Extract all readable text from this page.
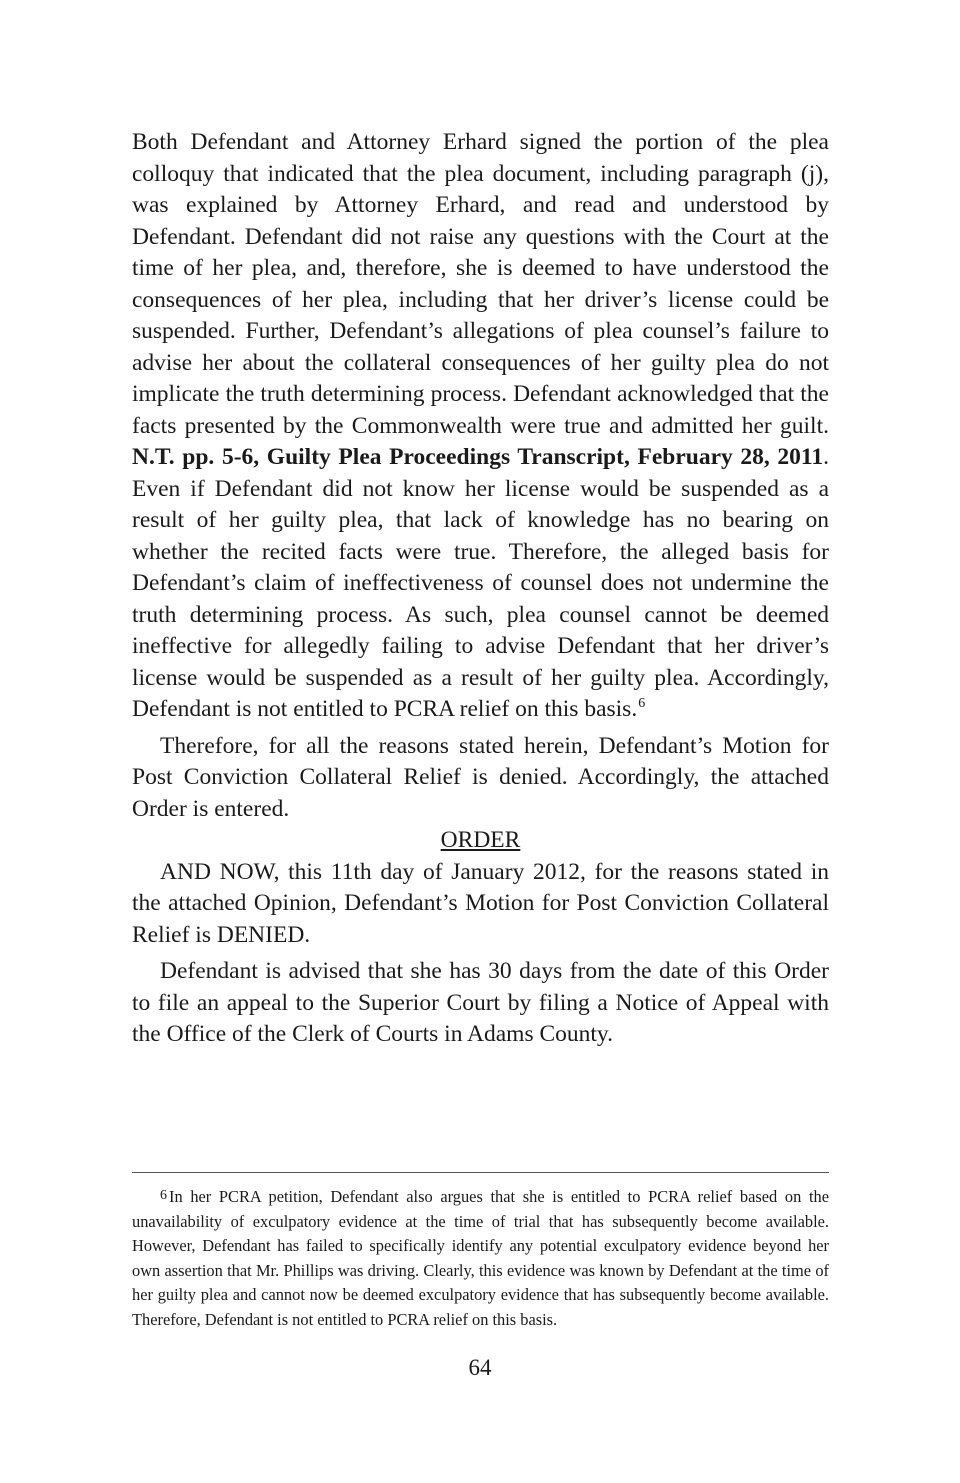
Both Defendant and Attorney Erhard signed the portion of the plea colloquy that indicated that the plea document, including paragraph (j), was explained by Attorney Erhard, and read and understood by Defendant. Defendant did not raise any questions with the Court at the time of her plea, and, therefore, she is deemed to have understood the consequences of her plea, including that her driver’s license could be suspended. Further, Defendant’s allegations of plea counsel’s failure to advise her about the collateral consequences of her guilty plea do not implicate the truth determining process. Defendant acknowledged that the facts presented by the Commonwealth were true and admitted her guilt. N.T. pp. 5-6, Guilty Plea Proceedings Transcript, February 28, 2011. Even if Defendant did not know her license would be suspended as a result of her guilty plea, that lack of knowledge has no bearing on whether the recited facts were true. Therefore, the alleged basis for Defendant’s claim of ineffectiveness of counsel does not undermine the truth determining process. As such, plea counsel cannot be deemed ineffective for allegedly failing to advise Defendant that her driver’s license would be suspended as a result of her guilty plea. Accordingly, Defendant is not entitled to PCRA relief on this basis.$^6$

Therefore, for all the reasons stated herein, Defendant’s Motion for Post Conviction Collateral Relief is denied. Accordingly, the attached Order is entered.

ORDER

AND NOW, this 11th day of January 2012, for the reasons stated in the attached Opinion, Defendant’s Motion for Post Conviction Collateral Relief is DENIED.

Defendant is advised that she has 30 days from the date of this Order to file an appeal to the Superior Court by filing a Notice of Appeal with the Office of the Clerk of Courts in Adams County.

$^6$ In her PCRA petition, Defendant also argues that she is entitled to PCRA relief based on the unavailability of exculpatory evidence at the time of trial that has subsequently become available. However, Defendant has failed to specifically identify any potential exculpatory evidence beyond her own assertion that Mr. Phillips was driving. Clearly, this evidence was known by Defendant at the time of her guilty plea and cannot now be deemed exculpatory evidence that has subsequently become available. Therefore, Defendant is not entitled to PCRA relief on this basis.

64
